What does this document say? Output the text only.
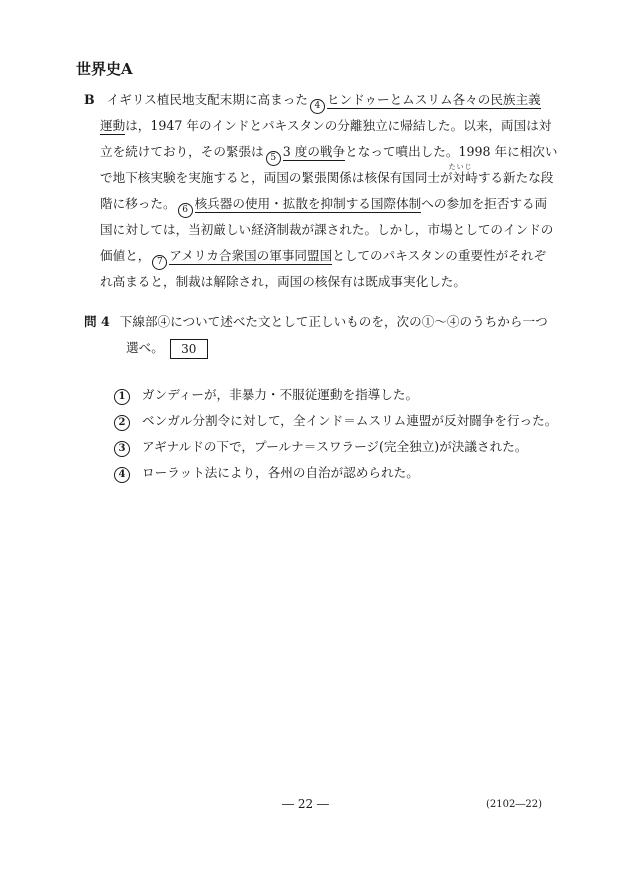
世界史A
B イギリス植民地支配末期に高まった 4 ヒンドゥーとムスリム各々の民族主義
運動は，1947 年のインドとパキスタンの分離独立に帰結した。以来，両国は対
立を続けており，その緊張は 5 3 度の戦争となって噴出した。1998 年に相次い
で地下核実験を実施すると，両国の緊張関係は核保有国同士が
たいじ
対峙する新たな段
階に移った。 6 核兵器の使用・拡散を抑制する国際体制への参加を拒否する両
国に対しては，当初厳しい経済制裁が課された。しかし，市場としてのインドの
価値と， 7 アメリカ合衆国の軍事同盟国としてのパキスタンの重要性がそれぞ
れ高まると，制裁は解除され，両国の核保有は既成事実化した。
問 4 下線部④について述べた文として正しいものを，次の①～④のうちから一つ
選べ。 30
1 ガンディーが，非暴力・不服従運動を指導した。
2 ベンガル分割令に対して，全インド＝ムスリム連盟が反対闘争を行った。
3 アギナルドの下で，プールナ＝スワラージ(完全独立)が決議された。
4 ローラット法により，各州の自治が認められた。
― 22 ―	(2102―22)
